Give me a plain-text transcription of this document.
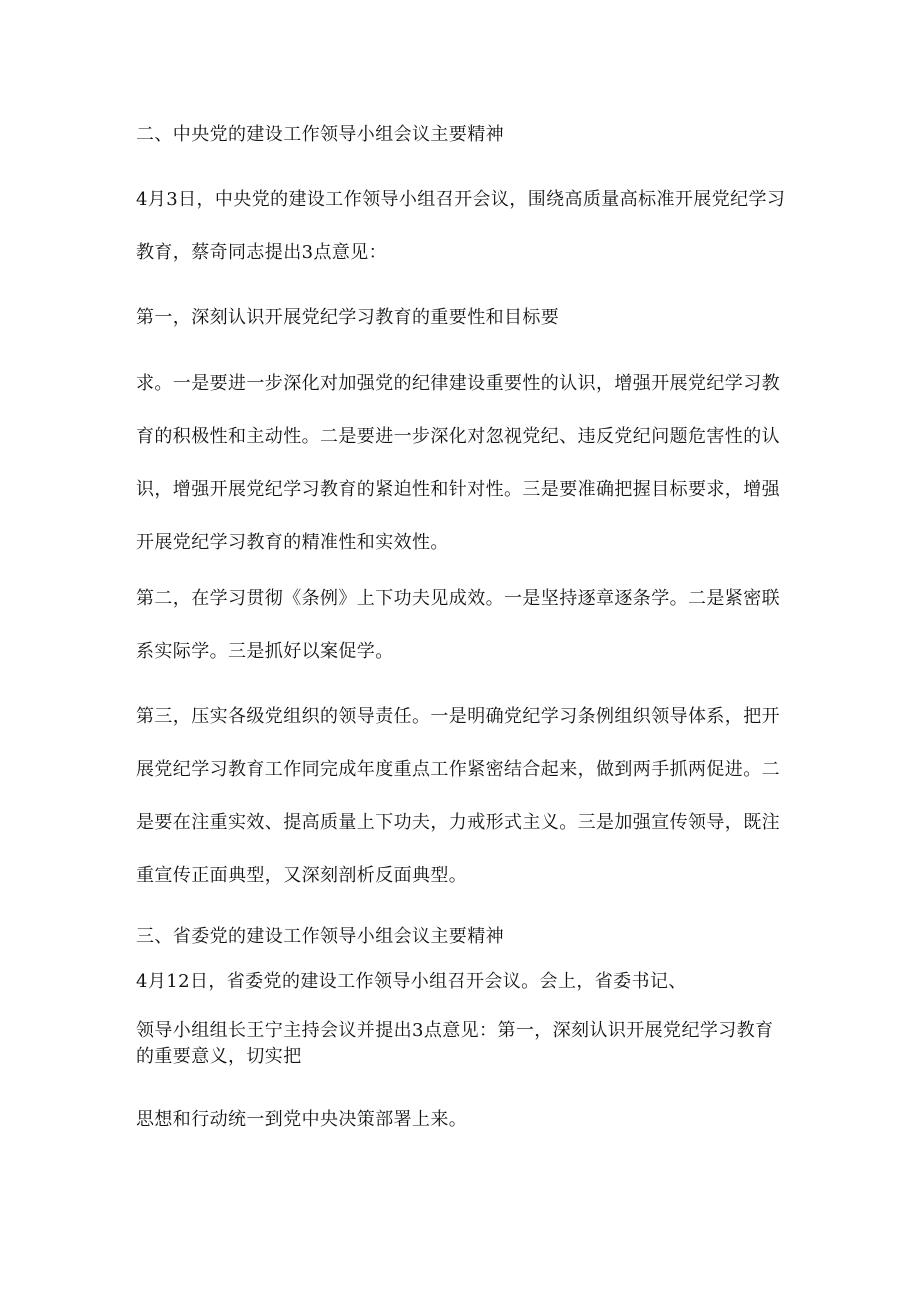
二、中央党的建设工作领导小组会议主要精神

4月3日，中央党的建设工作领导小组召开会议，围绕高质量高标准开展党纪学习
教育，蔡奇同志提出3点意见：

第一，深刻认识开展党纪学习教育的重要性和目标要

求。一是要进一步深化对加强党的纪律建设重要性的认识，增强开展党纪学习教
育的积极性和主动性。二是要进一步深化对忽视党纪、违反党纪问题危害性的认
识，增强开展党纪学习教育的紧迫性和针对性。三是要准确把握目标要求，增强
开展党纪学习教育的精准性和实效性。

第二，在学习贯彻《条例》上下功夫见成效。一是坚持逐章逐条学。二是紧密联
系实际学。三是抓好以案促学。

第三，压实各级党组织的领导责任。一是明确党纪学习条例组织领导体系，把开
展党纪学习教育工作同完成年度重点工作紧密结合起来，做到两手抓两促进。二
是要在注重实效、提高质量上下功夫，力戒形式主义。三是加强宣传领导，既注
重宣传正面典型，又深刻剖析反面典型。

三、省委党的建设工作领导小组会议主要精神

4月12日，省委党的建设工作领导小组召开会议。会上，省委书记、

领导小组组长王宁主持会议并提出3点意见：第一，深刻认识开展党纪学习教育
的重要意义，切实把

思想和行动统一到党中央决策部署上来。
